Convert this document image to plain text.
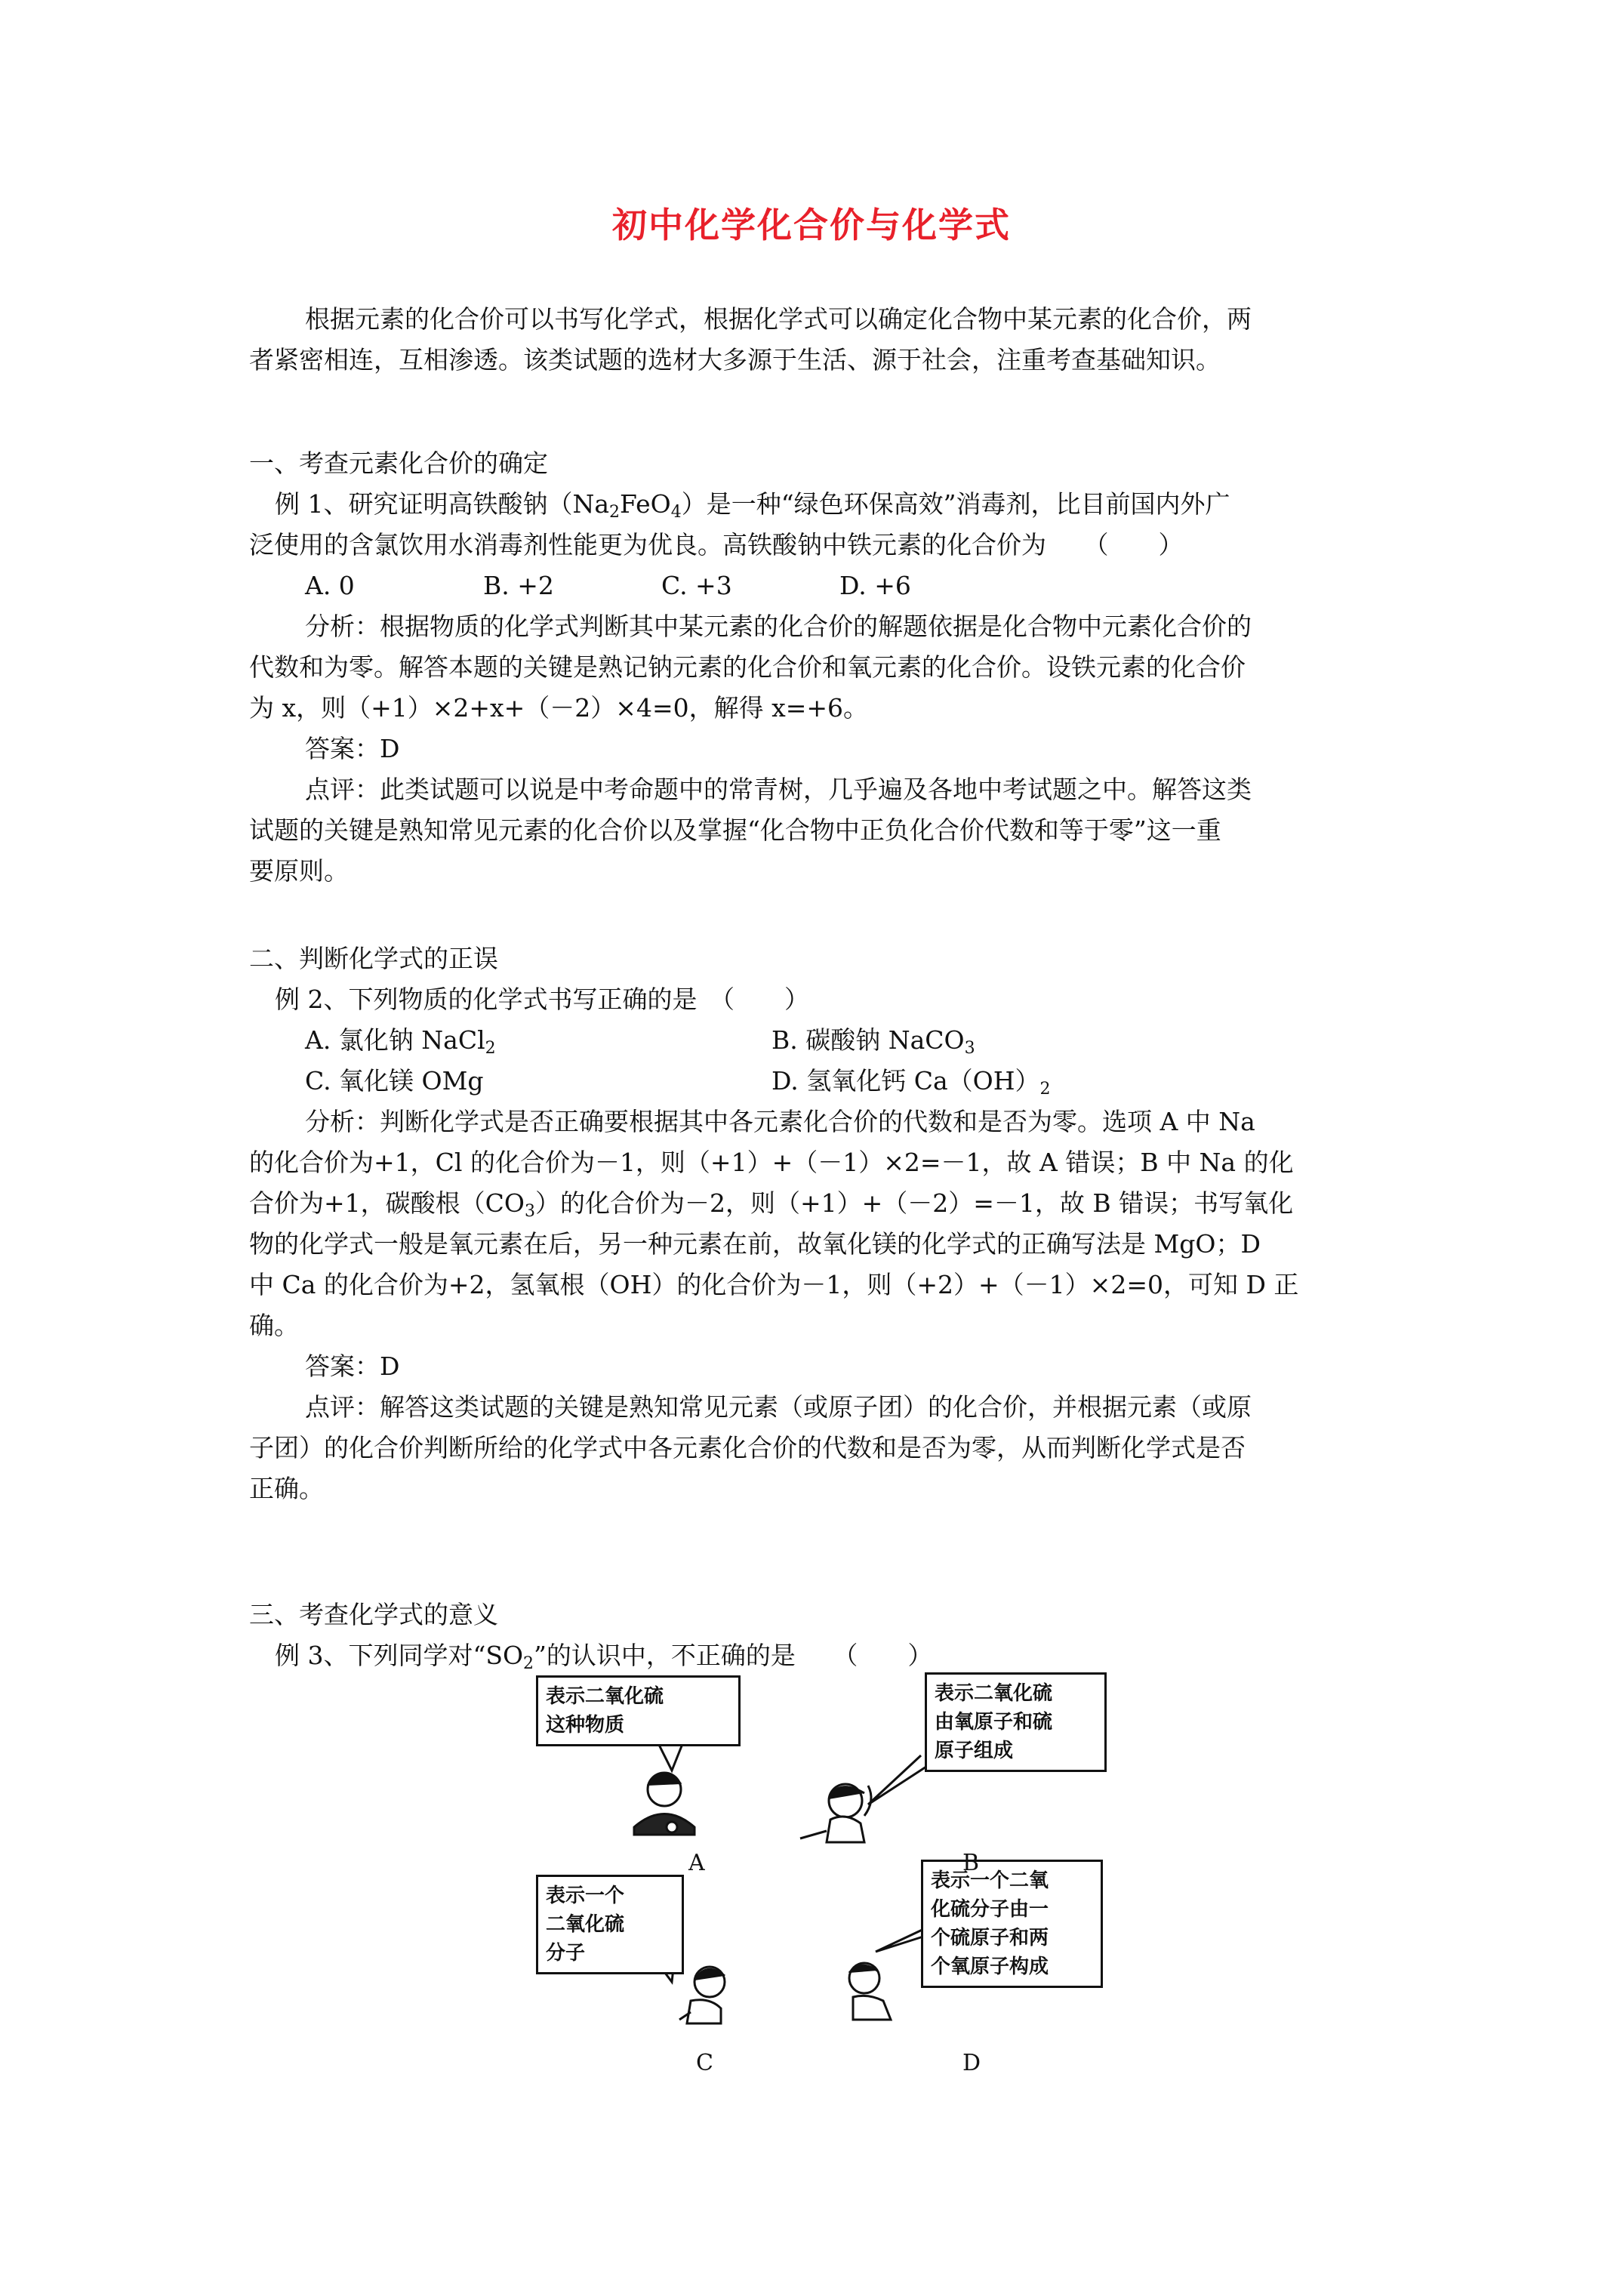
初中化学化合价与化学式
根据元素的化合价可以书写化学式，根据化学式可以确定化合物中某元素的化合价，两
者紧密相连，互相渗透。该类试题的选材大多源于生活、源于社会，注重考查基础知识。
一、考查元素化合价的确定
例 1、研究证明高铁酸钠$(Na_2FeO_4)$是一种“绿色环保高效”消毒剂，比目前国内外广
泛使用的含氯饮用水消毒剂性能更为优良。高铁酸钠中铁元素的化合价为　　（　　）
A. 0	B. +2	C. +3	D. +6
分析：根据物质的化学式判断其中某元素的化合价的解题依据是化合物中元素化合价的
代数和为零。解答本题的关键是熟记钠元素的化合价和氧元素的化合价。设铁元素的化合价
为 x，则（+1）×2+x+（－2）×4=0，解得 x=+6。
答案：D
点评：此类试题可以说是中考命题中的常青树，几乎遍及各地中考试题之中。解答这类
试题的关键是熟知常见元素的化合价以及掌握“化合物中正负化合价代数和等于零”这一重
要原则。
二、判断化学式的正误
例 2、下列物质的化学式书写正确的是　（　　）
A. 氯化钠 NaCl$_2$	B. 碳酸钠 NaCO$_3$
C. 氧化镁 OMg	D. 氢氧化钙 $Ca(OH)_2$
分析：判断化学式是否正确要根据其中各元素化合价的代数和是否为零。选项 A 中 Na
的化合价为+1，Cl 的化合价为－1，则（+1）+（－1）×2=－1，故 A 错误；B 中 Na 的化
合价为+1，碳酸根$(CO_3)$的化合价为－2，则（+1）+（－2）=－1，故 B 错误；书写氧化
物的化学式一般是氧元素在后，另一种元素在前，故氧化镁的化学式的正确写法是 MgO；D
中 Ca 的化合价为+2，氢氧根（OH）的化合价为－1，则（+2）+（－1）×2=0，可知 D 正
确。
答案：D
点评：解答这类试题的关键是熟知常见元素（或原子团）的化合价，并根据元素（或原
子团）的化合价判断所给的化学式中各元素化合价的代数和是否为零，从而判断化学式是否
正确。
三、考查化学式的意义
例 3、下列同学对“$SO_2$”的认识中，不正确的是　　（　　）
表示二氧化硫
这种物质
表示二氧化硫
由氧原子和硫
原子组成
表示一个
二氧化硫
分子
表示一个二氧
化硫分子由一
个硫原子和两
个氧原子构成
A	B
C	D
